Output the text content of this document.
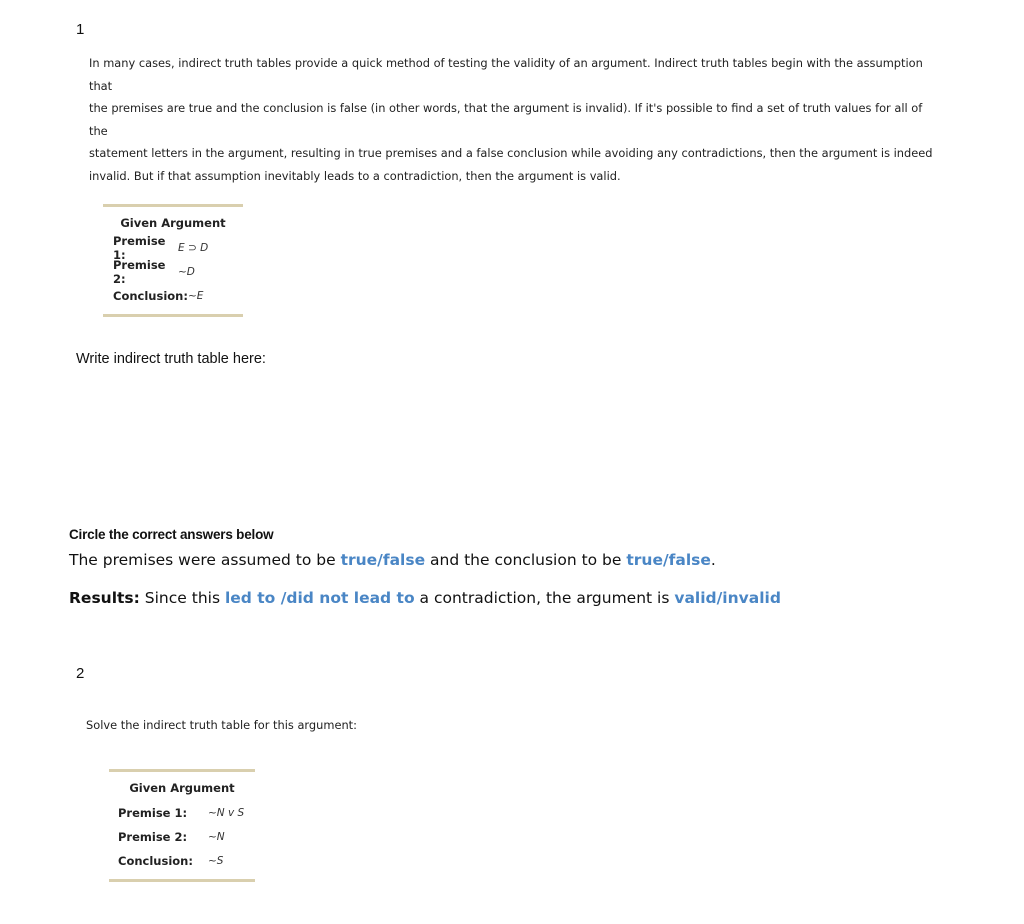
1
In many cases, indirect truth tables provide a quick method of testing the validity of an argument. Indirect truth tables begin with the assumption that
the premises are true and the conclusion is false (in other words, that the argument is invalid). If it's possible to find a set of truth values for all of the
statement letters in the argument, resulting in true premises and a false conclusion while avoiding any contradictions, then the argument is indeed
invalid. But if that assumption inevitably leads to a contradiction, then the argument is valid.
Given Argument
Premise 1:	E ⊃ D
Premise 2:	~D
Conclusion: ~E
Write indirect truth table here:
Circle the correct answers below
The premises were assumed to be true/false and the conclusion to be true/false.
Results: Since this led to /did not lead to a contradiction, the argument is valid/invalid
2
Solve the indirect truth table for this argument:
Given Argument
Premise 1:	~N v S
Premise 2:	~N
Conclusion:	~S
